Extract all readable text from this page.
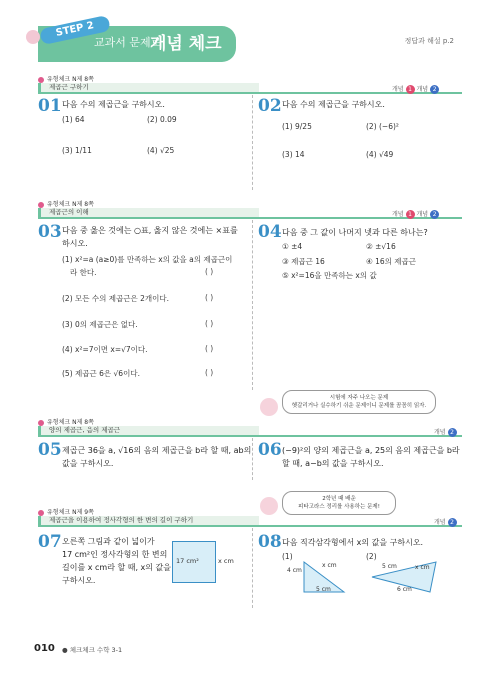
STEP 2
교과서 문제로
개념 체크	정답과 해설 p.2
유형체크 N제 8쪽
제곱근 구하기	개념 1 개념 2
01 다음 수의 제곱근을 구하시오.
(1) 64	(2) 0.09
(3) 1/11	(4) √25
02 다음 수의 제곱근을 구하시오.
(1) 9/25	(2) (−6)²
(3) 14	(4) √49
유형체크 N제 8쪽
제곱근의 이해	개념 1 개념 2
03 다음 중 옳은 것에는 ○표, 옳지 않은 것에는 ×표를 하시오.
(1) x²=a (a≥0)를 만족하는 x의 값을 a의 제곱근이
라 한다.	( )
(2) 모든 수의 제곱근은 2개이다.	( )
(3) 0의 제곱근은 없다.	( )
(4) x²=7이면 x=√7이다.	( )
(5) 제곱근 6은 √6이다.	( )
04 다음 중 그 값이 나머지 넷과 다른 하나는?
① ±4	② ±√16
③ 제곱근 16	④ 16의 제곱근
⑤ x²=16을 만족하는 x의 값
시험에 자주 나오는 문제
헷갈리거나 실수하기 쉬운 문제이니 문제를 꼼꼼히 읽자.
유형체크 N제 8쪽
양의 제곱근, 음의 제곱근	개념 2
05 제곱근 36을 a, √16의 음의 제곱근을 b라 할 때, ab의
값을 구하시오.
06 (−9)²의 양의 제곱근을 a, 25의 음의 제곱근을 b라
할 때, a−b의 값을 구하시오.
2학년 때 배운
피타고라스 정리를 사용하는 문제!
유형체크 N제 9쪽
제곱근을 이용하여 정사각형의 한 변의 길이 구하기	개념 2
07 오른쪽 그림과 같이 넓이가
17 cm²인 정사각형의 한 변의
길이를 x cm라 할 때, x의 값을
구하시오.
17 cm²	x cm
08 다음 직각삼각형에서 x의 값을 구하시오.
(1)	(2)
4 cm
x cm
5 cm
5 cm	x cm
6 cm
010 ● 체크체크 수학 3-1
